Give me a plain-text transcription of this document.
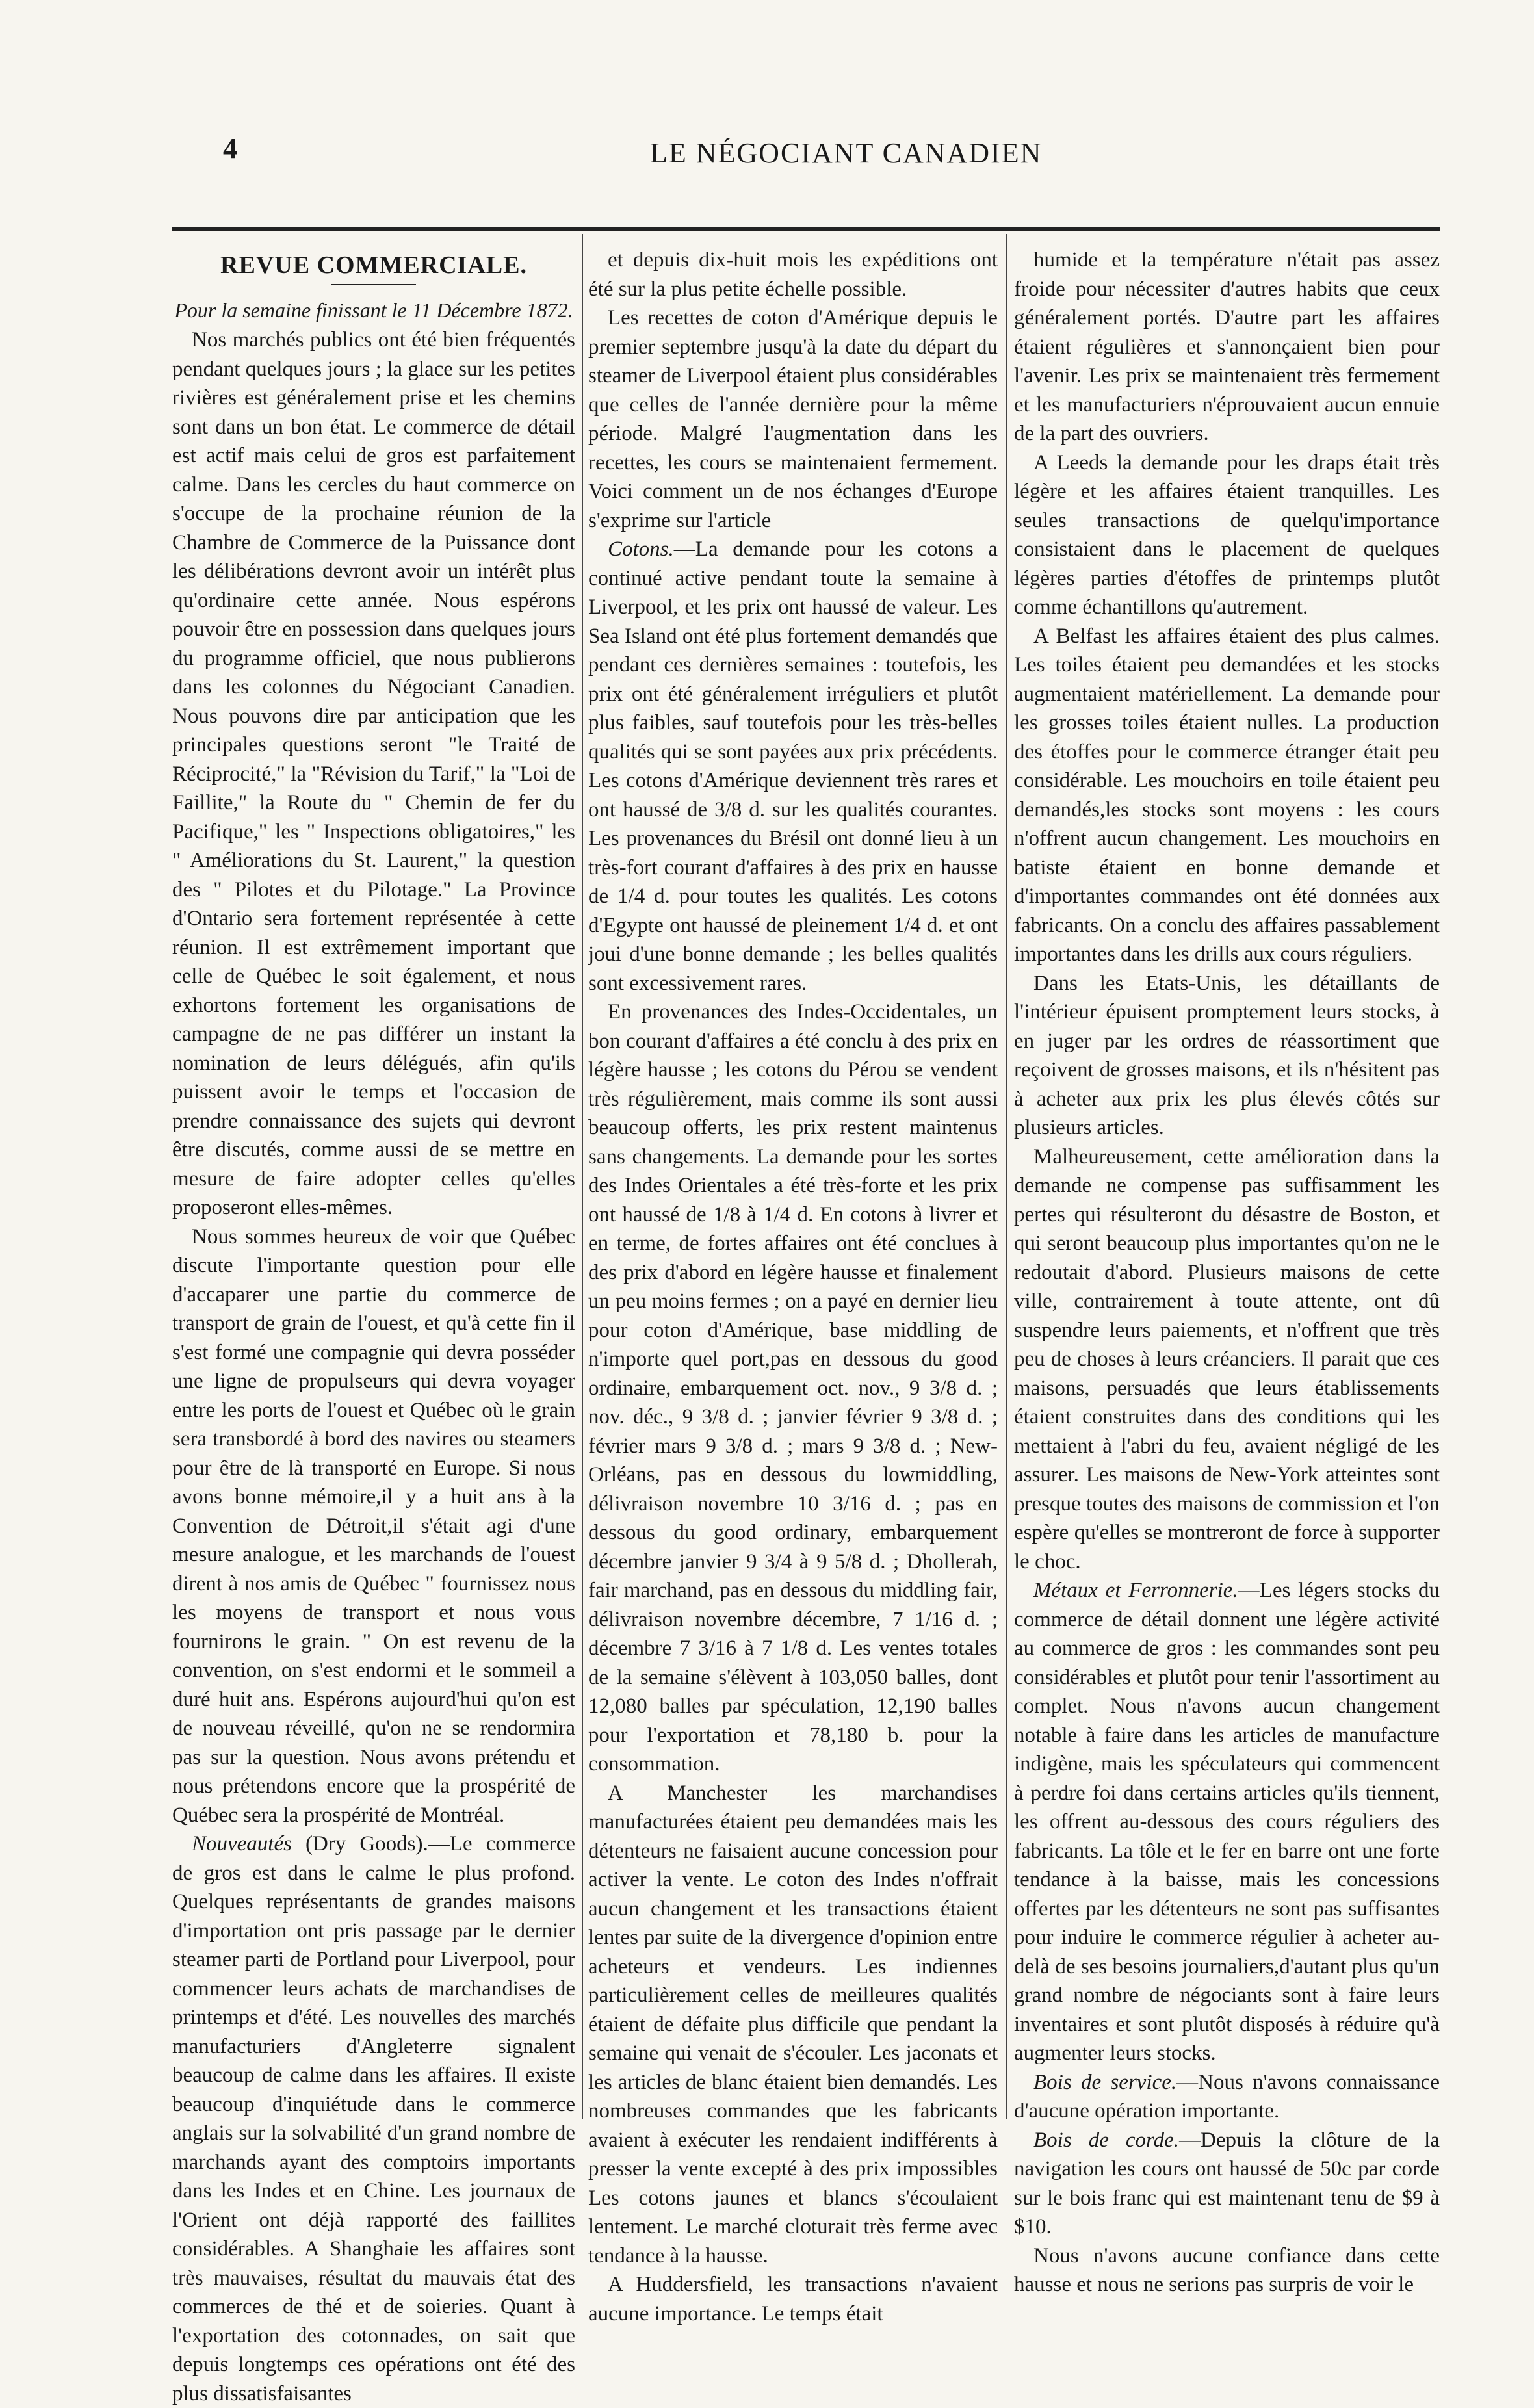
4	LE NÉGOCIANT CANADIEN
REVUE COMMERCIALE.
Pour la semaine finissant le 11 Décembre 1872.

Nos marchés publics ont été bien fréquentés pendant quelques jours ; la glace sur les petites rivières est généralement prise et les chemins sont dans un bon état. Le commerce de détail est actif mais celui de gros est parfaitement calme. Dans les cercles du haut commerce on s'occupe de la prochaine réunion de la Chambre de Commerce de la Puissance dont les délibérations devront avoir un intérêt plus qu'ordinaire cette année. Nous espérons pouvoir être en possession dans quelques jours du programme officiel, que nous publierons dans les colonnes du Négociant Canadien. Nous pouvons dire par anticipation que les principales questions seront "le Traité de Réciprocité," la "Révision du Tarif," la "Loi de Faillite," la Route du " Chemin de fer du Pacifique," les " Inspections obligatoires," les " Améliorations du St. Laurent," la question des " Pilotes et du Pilotage." La Province d'Ontario sera fortement représentée à cette réunion. Il est extrêmement important que celle de Québec le soit également, et nous exhortons fortement les organisations de campagne de ne pas différer un instant la nomination de leurs délégués, afin qu'ils puissent avoir le temps et l'occasion de prendre connaissance des sujets qui devront être discutés, comme aussi de se mettre en mesure de faire adopter celles qu'elles proposeront elles-mêmes.

Nous sommes heureux de voir que Québec discute l'importante question pour elle d'accaparer une partie du commerce de transport de grain de l'ouest, et qu'à cette fin il s'est formé une compagnie qui devra posséder une ligne de propulseurs qui devra voyager entre les ports de l'ouest et Québec où le grain sera transbordé à bord des navires ou steamers pour être de là transporté en Europe. Si nous avons bonne mémoire,il y a huit ans à la Convention de Détroit,il s'était agi d'une mesure analogue, et les marchands de l'ouest dirent à nos amis de Québec " fournissez nous les moyens de transport et nous vous fournirons le grain. " On est revenu de la convention, on s'est endormi et le sommeil a duré huit ans. Espérons aujourd'hui qu'on est de nouveau réveillé, qu'on ne se rendormira pas sur la question. Nous avons prétendu et nous prétendons encore que la prospérité de Québec sera la prospérité de Montréal.

Nouveautés (Dry Goods).—Le commerce de gros est dans le calme le plus profond. Quelques représentants de grandes maisons d'importation ont pris passage par le dernier steamer parti de Portland pour Liverpool, pour commencer leurs achats de marchandises de printemps et d'été. Les nouvelles des marchés manufacturiers d'Angleterre signalent beaucoup de calme dans les affaires. Il existe beaucoup d'inquiétude dans le commerce anglais sur la solvabilité d'un grand nombre de marchands ayant des comptoirs importants dans les Indes et en Chine. Les journaux de l'Orient ont déjà rapporté des faillites considérables. A Shanghaie les affaires sont très mauvaises, résultat du mauvais état des commerces de thé et de soieries. Quant à l'exportation des cotonnades, on sait que depuis longtemps ces opérations ont été des plus dissatisfaisantes

et depuis dix-huit mois les expéditions ont été sur la plus petite échelle possible.

Les recettes de coton d'Amérique depuis le premier septembre jusqu'à la date du départ du steamer de Liverpool étaient plus considérables que celles de l'année dernière pour la même période. Malgré l'augmentation dans les recettes, les cours se maintenaient fermement. Voici comment un de nos échanges d'Europe s'exprime sur l'article

Cotons.—La demande pour les cotons a continué active pendant toute la semaine à Liverpool, et les prix ont haussé de valeur. Les Sea Island ont été plus fortement demandés que pendant ces dernières semaines : toutefois, les prix ont été généralement irréguliers et plutôt plus faibles, sauf toutefois pour les très-belles qualités qui se sont payées aux prix précédents. Les cotons d'Amérique deviennent très rares et ont haussé de 3/8 d. sur les qualités courantes. Les provenances du Brésil ont donné lieu à un très-fort courant d'affaires à des prix en hausse de 1/4 d. pour toutes les qualités. Les cotons d'Egypte ont haussé de pleinement 1/4 d. et ont joui d'une bonne demande ; les belles qualités sont excessivement rares.

En provenances des Indes-Occidentales, un bon courant d'affaires a été conclu à des prix en légère hausse ; les cotons du Pérou se vendent très régulièrement, mais comme ils sont aussi beaucoup offerts, les prix restent maintenus sans changements. La demande pour les sortes des Indes Orientales a été très-forte et les prix ont haussé de 1/8 à 1/4 d. En cotons à livrer et en terme, de fortes affaires ont été conclues à des prix d'abord en légère hausse et finalement un peu moins fermes ; on a payé en dernier lieu pour coton d'Amérique, base middling de n'importe quel port,pas en dessous du good ordinaire, embarquement oct. nov., 9 3/8 d. ; nov. déc., 9 3/8 d. ; janvier février 9 3/8 d. ; février mars 9 3/8 d. ; mars 9 3/8 d. ; New-Orléans, pas en dessous du lowmiddling, délivraison novembre 10 3/16 d. ; pas en dessous du good ordinary, embarquement décembre janvier 9 3/4 à 9 5/8 d. ; Dhollerah, fair marchand, pas en dessous du middling fair, délivraison novembre décembre, 7 1/16 d. ; décembre 7 3/16 à 7 1/8 d. Les ventes totales de la semaine s'élèvent à 103,050 balles, dont 12,080 balles par spéculation, 12,190 balles pour l'exportation et 78,180 b. pour la consommation.

A Manchester les marchandises manufacturées étaient peu demandées mais les détenteurs ne faisaient aucune concession pour activer la vente. Le coton des Indes n'offrait aucun changement et les transactions étaient lentes par suite de la divergence d'opinion entre acheteurs et vendeurs. Les indiennes particulièrement celles de meilleures qualités étaient de défaite plus difficile que pendant la semaine qui venait de s'écouler. Les jaconats et les articles de blanc étaient bien demandés. Les nombreuses commandes que les fabricants avaient à exécuter les rendaient indifférents à presser la vente excepté à des prix impossibles Les cotons jaunes et blancs s'écoulaient lentement. Le marché cloturait très ferme avec tendance à la hausse.

A Huddersfield, les transactions n'avaient aucune importance. Le temps était

humide et la température n'était pas assez froide pour nécessiter d'autres habits que ceux généralement portés. D'autre part les affaires étaient régulières et s'annonçaient bien pour l'avenir. Les prix se maintenaient très fermement et les manufacturiers n'éprouvaient aucun ennuie de la part des ouvriers.

A Leeds la demande pour les draps était très légère et les affaires étaient tranquilles. Les seules transactions de quelqu'importance consistaient dans le placement de quelques légères parties d'étoffes de printemps plutôt comme échantillons qu'autrement.

A Belfast les affaires étaient des plus calmes. Les toiles étaient peu demandées et les stocks augmentaient matériellement. La demande pour les grosses toiles étaient nulles. La production des étoffes pour le commerce étranger était peu considérable. Les mouchoirs en toile étaient peu demandés,les stocks sont moyens : les cours n'offrent aucun changement. Les mouchoirs en batiste étaient en bonne demande et d'importantes commandes ont été données aux fabricants. On a conclu des affaires passablement importantes dans les drills aux cours réguliers.

Dans les Etats-Unis, les détaillants de l'intérieur épuisent promptement leurs stocks, à en juger par les ordres de réassortiment que reçoivent de grosses maisons, et ils n'hésitent pas à acheter aux prix les plus élevés côtés sur plusieurs articles.

Malheureusement, cette amélioration dans la demande ne compense pas suffisamment les pertes qui résulteront du désastre de Boston, et qui seront beaucoup plus importantes qu'on ne le redoutait d'abord. Plusieurs maisons de cette ville, contrairement à toute attente, ont dû suspendre leurs paiements, et n'offrent que très peu de choses à leurs créanciers. Il parait que ces maisons, persuadés que leurs établissements étaient construites dans des conditions qui les mettaient à l'abri du feu, avaient négligé de les assurer. Les maisons de New-York atteintes sont presque toutes des maisons de commission et l'on espère qu'elles se montreront de force à supporter le choc.

Métaux et Ferronnerie.—Les légers stocks du commerce de détail donnent une légère activité au commerce de gros : les commandes sont peu considérables et plutôt pour tenir l'assortiment au complet. Nous n'avons aucun changement notable à faire dans les articles de manufacture indigène, mais les spéculateurs qui commencent à perdre foi dans certains articles qu'ils tiennent, les offrent au-dessous des cours réguliers des fabricants. La tôle et le fer en barre ont une forte tendance à la baisse, mais les concessions offertes par les détenteurs ne sont pas suffisantes pour induire le commerce régulier à acheter au-delà de ses besoins journaliers,d'autant plus qu'un grand nombre de négociants sont à faire leurs inventaires et sont plutôt disposés à réduire qu'à augmenter leurs stocks.

Bois de service.—Nous n'avons connaissance d'aucune opération importante.

Bois de corde.—Depuis la clôture de la navigation les cours ont haussé de 50c par corde sur le bois franc qui est maintenant tenu de $9 à $10.

Nous n'avons aucune confiance dans cette hausse et nous ne serions pas surpris de voir le
